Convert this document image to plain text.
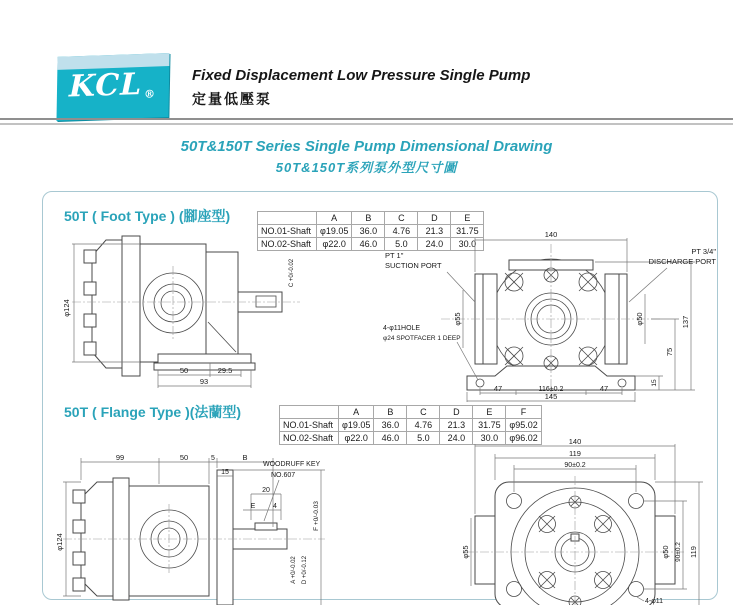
KCL®
Fixed Displacement Low Pressure Single Pump
定量低壓泵
50T&150T Series Single Pump Dimensional Drawing
50T&150T系列泵外型尺寸圖
50T ( Foot Type ) (腳座型)
		A	B	C	D	E
NO.01-Shaft	φ19.05	36.0	4.76	21.3	31.75
NO.02-Shaft	φ22.0	46.0	5.0	24.0	30.0
φ124
C +0/-0.02
50	29.5
93
140
φ55	φ50
15
75
137
47	116±0.2	47
145
PT 1"
SUCTION PORT
PT 3/4"
DISCHARGE PORT
4-φ11HOLE
φ24 SPOTFACER 1 DEEP
50T ( Flange Type )(法蘭型)
		A	B	C	D	E	F
NO.01-Shaft	φ19.05	36.0	4.76	21.3	31.75	φ95.02
NO.02-Shaft	φ22.0	46.0	5.0	24.0	30.0	φ96.02
99	50	5	B
15
20
E	4
WOODRUFF KEY
NO.607
φ124
A +0/-0.02 D +0/-0.12
F +0/-0.03
140
119
90±0.2
φ55	φ50 90±0.2 119
4-φ11
